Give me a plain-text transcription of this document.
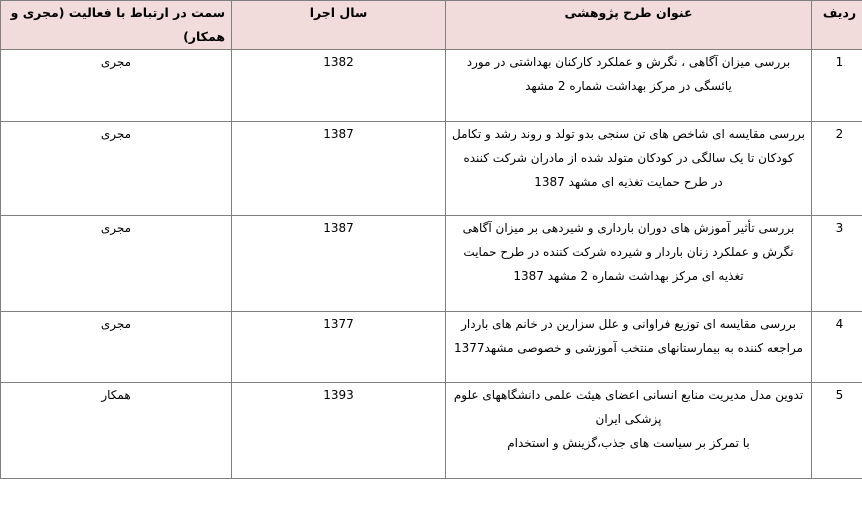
ردیف	عنوان طرح پژوهشی	سال اجرا	سمت در ارتباط با فعالیت (مجری و همکار)
1	بررسی میزان آگاهی ، نگرش و عملکرد کارکنان بهداشتی در مورد
یائسگی در مرکز بهداشت شماره 2 مشهد	1382	مجری
2	بررسی مقایسه ای شاخص های تن سنجی بدو تولد و روند رشد و تکامل
کودکان تا یک سالگی در کودکان متولد شده از مادران شرکت کننده
در طرح حمایت تغذیه ای مشهد 1387	1387	مجری
3	بررسی تأثیر آموزش های دوران بارداری و شیردهی بر میزان آگاهی
نگرش و عملکرد زنان باردار و شیرده شرکت کننده در طرح حمایت
تغذیه ای مرکز بهداشت شماره 2 مشهد 1387	1387	مجری
4	بررسی مقایسه ای توزیع فراوانی و علل سزارین در خانم های باردار
مراجعه کننده به بیمارستانهای منتخب آموزشی و خصوصی مشهد1377	1377	مجری
5	تدوین مدل مدیریت منابع انسانی اعضای هیئت علمی دانشگاههای علوم
پزشکی ایران
با تمرکز بر سیاست های جذب،گزینش و استخدام	1393	همکار
